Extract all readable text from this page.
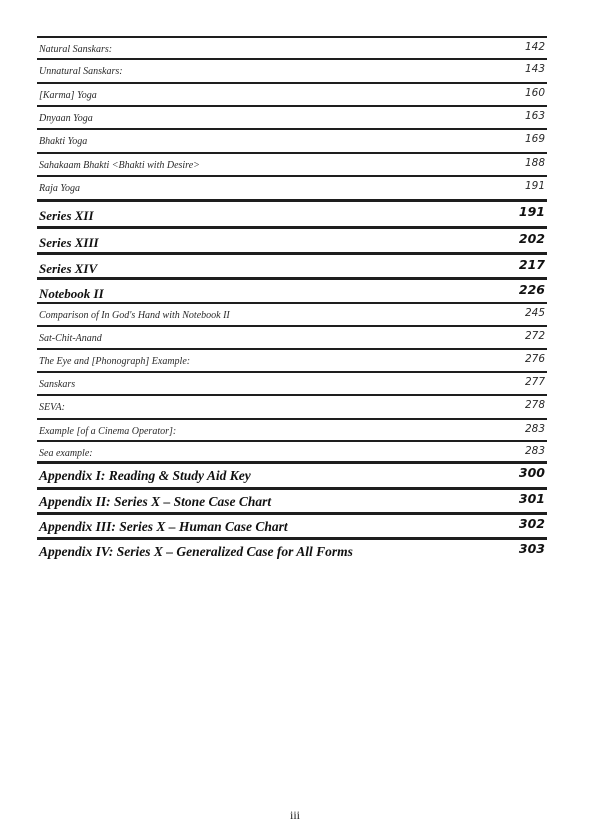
Natural Sanskars:	142
Unnatural Sanskars:	143
[Karma] Yoga	160
Dnyaan Yoga	163
Bhakti Yoga	169
Sahakaam Bhakti <Bhakti with Desire>	188
Raja Yoga	191
Series XII	191
Series XIII	202
Series XIV	217
Notebook II	226
Comparison of In God's Hand with Notebook II	245
Sat-Chit-Anand	272
The Eye and [Phonograph] Example:	276
Sanskars	277
SEVA:	278
Example [of a Cinema Operator]:	283
Sea example:	283
Appendix I: Reading & Study Aid Key	300
Appendix II: Series X – Stone Case Chart	301
Appendix III: Series X – Human Case Chart	302
Appendix IV: Series X – Generalized Case for All Forms	303
iii
